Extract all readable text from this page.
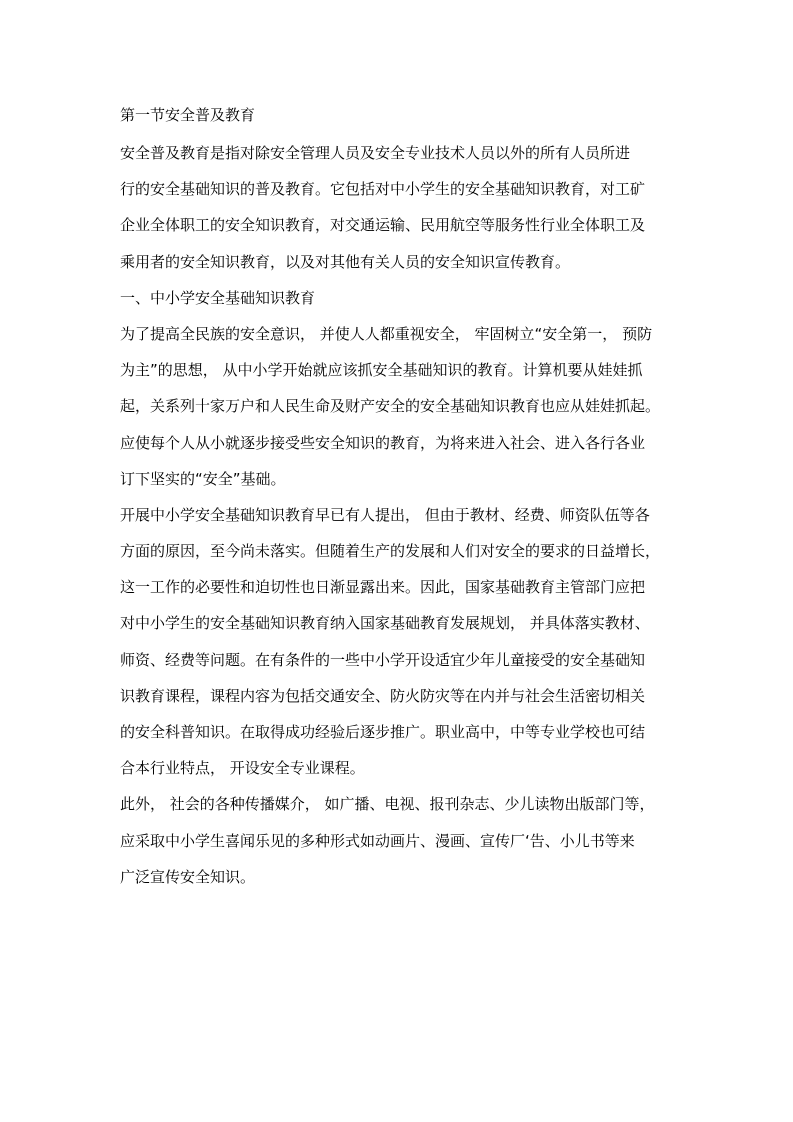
第一节安全普及教育
安全普及教育是指对除安全管理人员及安全专业技术人员以外的所有人员所进
行的安全基础知识的普及教育。它包括对中小学生的安全基础知识教育，对工矿
企业全体职工的安全知识教育，对交通运输、民用航空等服务性行业全体职工及
乘用者的安全知识教育，以及对其他有关人员的安全知识宣传教育。
一、中小学安全基础知识教育
为了提高全民族的安全意识， 并使人人都重视安全， 牢固树立“安全第一， 预防
为主”的思想， 从中小学开始就应该抓安全基础知识的教育。计算机要从娃娃抓
起，关系列十家万户和人民生命及财产安全的安全基础知识教育也应从娃娃抓起。
应使每个人从小就逐步接受些安全知识的教育，为将来进入社会、进入各行各业
订下坚实的“安全”基础。
开展中小学安全基础知识教育早已有人提出， 但由于教材、经费、师资队伍等各
方面的原因，至今尚未落实。但随着生产的发展和人们对安全的要求的日益增长，
这一工作的必要性和迫切性也日渐显露出来。因此，国家基础教育主管部门应把
对中小学生的安全基础知识教育纳入国家基础教育发展规划， 并具体落实教材、
师资、经费等问题。在有条件的一些中小学开设适宜少年儿童接受的安全基础知
识教育课程，课程内容为包括交通安全、防火防灾等在内并与社会生活密切相关
的安全科普知识。在取得成功经验后逐步推广。职业高中，中等专业学校也可结
合本行业特点， 开设安全专业课程。
此外， 社会的各种传播媒介， 如广播、电视、报刊杂志、少儿读物出版部门等，
应采取中小学生喜闻乐见的多种形式如动画片、漫画、宣传厂‘告、小儿书等来
广泛宣传安全知识。
